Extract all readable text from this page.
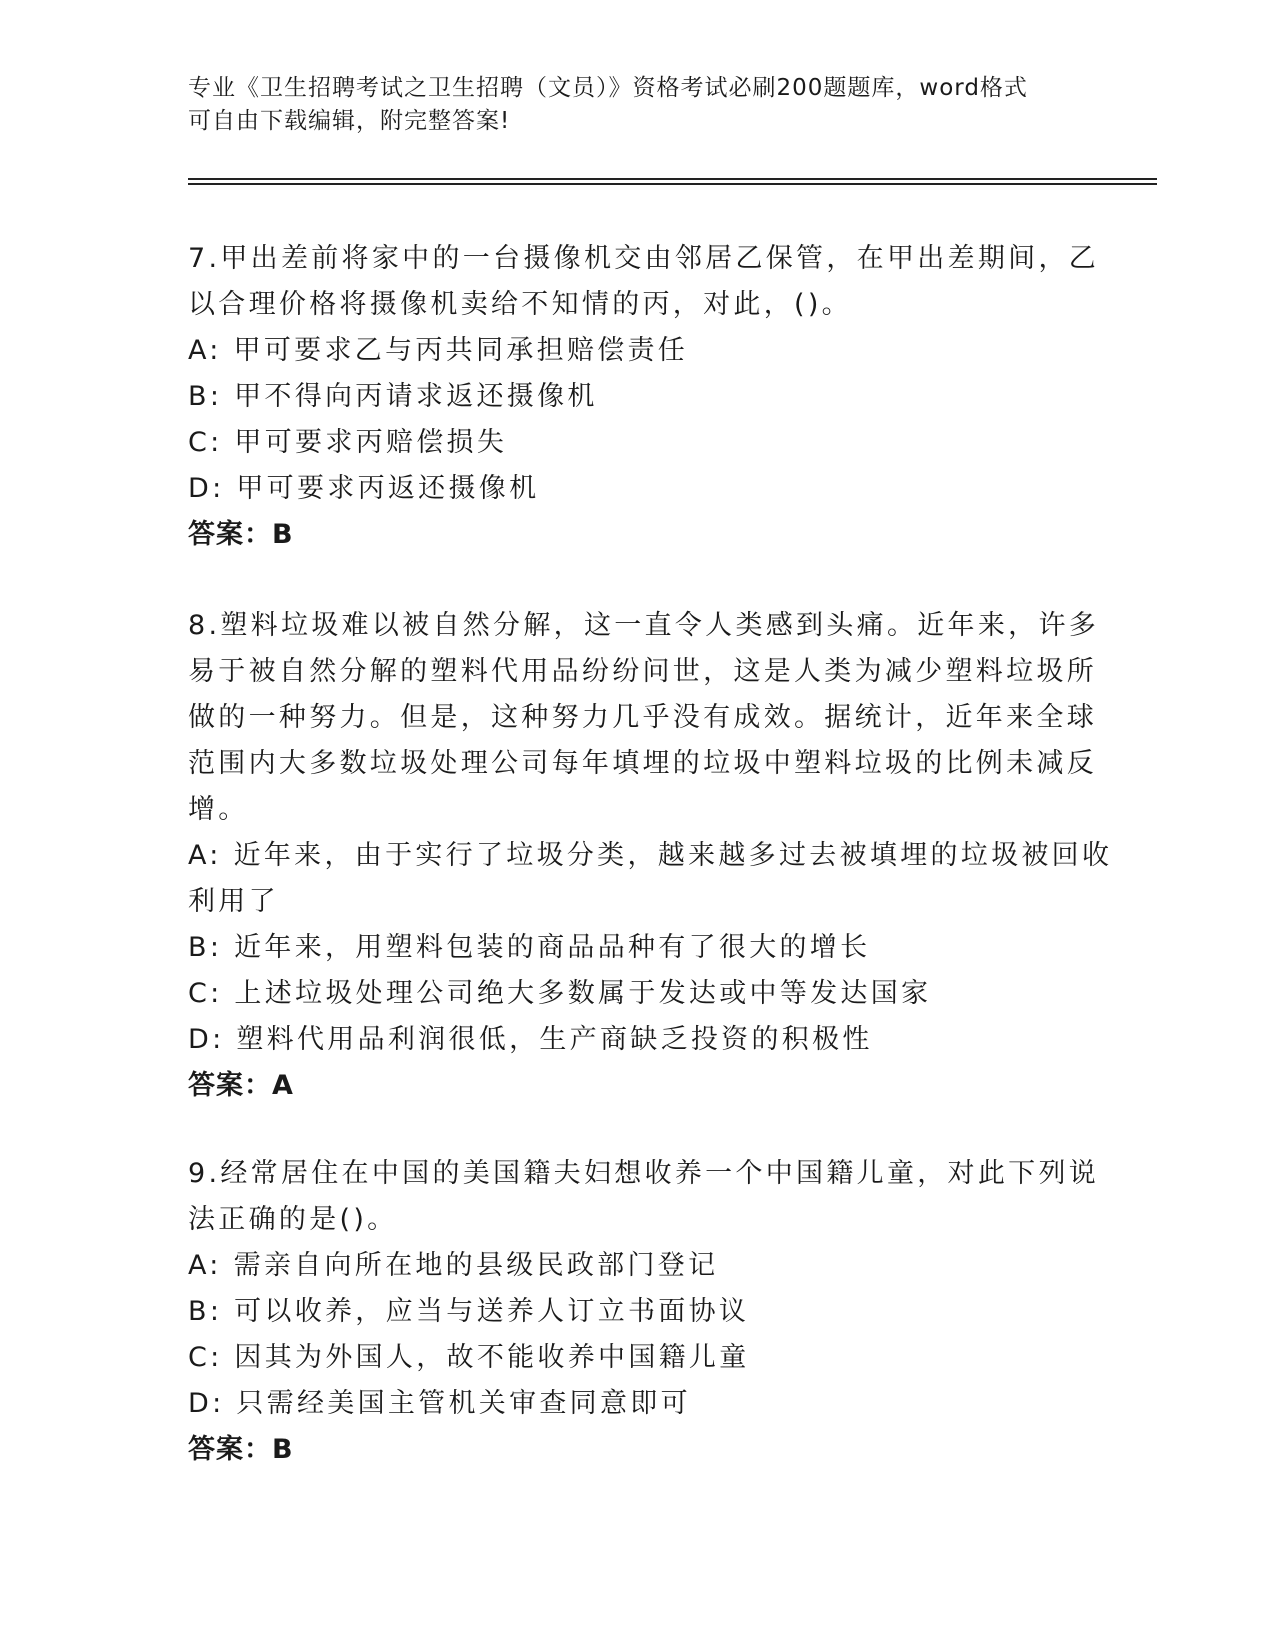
专业《卫生招聘考试之卫生招聘（文员）》资格考试必刷200题题库，word格式
可自由下载编辑，附完整答案!
7.甲出差前将家中的一台摄像机交由邻居乙保管，在甲出差期间，乙
以合理价格将摄像机卖给不知情的丙，对此，()。
A: 甲可要求乙与丙共同承担赔偿责任
B: 甲不得向丙请求返还摄像机
C: 甲可要求丙赔偿损失
D: 甲可要求丙返还摄像机
答案：B
8.塑料垃圾难以被自然分解，这一直令人类感到头痛。近年来，许多
易于被自然分解的塑料代用品纷纷问世，这是人类为减少塑料垃圾所
做的一种努力。但是，这种努力几乎没有成效。据统计，近年来全球
范围内大多数垃圾处理公司每年填埋的垃圾中塑料垃圾的比例未减反
增。
A: 近年来，由于实行了垃圾分类，越来越多过去被填埋的垃圾被回收
利用了
B: 近年来，用塑料包装的商品品种有了很大的增长
C: 上述垃圾处理公司绝大多数属于发达或中等发达国家
D: 塑料代用品利润很低，生产商缺乏投资的积极性
答案：A
9.经常居住在中国的美国籍夫妇想收养一个中国籍儿童，对此下列说
法正确的是()。
A: 需亲自向所在地的县级民政部门登记
B: 可以收养，应当与送养人订立书面协议
C: 因其为外国人，故不能收养中国籍儿童
D: 只需经美国主管机关审查同意即可
答案：B
